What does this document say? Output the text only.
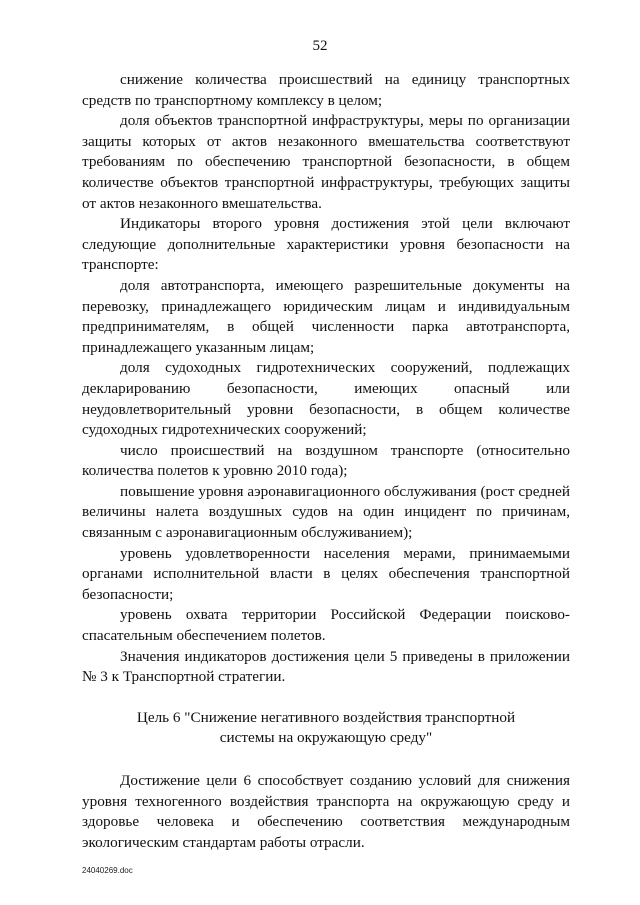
52

снижение количества происшествий на единицу транспортных средств по транспортному комплексу в целом;

доля объектов транспортной инфраструктуры, меры по организации защиты которых от актов незаконного вмешательства соответствуют требованиям по обеспечению транспортной безопасности, в общем количестве объектов транспортной инфраструктуры, требующих защиты от актов незаконного вмешательства.

Индикаторы второго уровня достижения этой цели включают следующие дополнительные характеристики уровня безопасности на транспорте:

доля автотранспорта, имеющего разрешительные документы на перевозку, принадлежащего юридическим лицам и индивидуальным предпринимателям, в общей численности парка автотранспорта, принадлежащего указанным лицам;

доля судоходных гидротехнических сооружений, подлежащих декларированию безопасности, имеющих опасный или неудовлетворительный уровни безопасности, в общем количестве судоходных гидротехнических сооружений;

число происшествий на воздушном транспорте (относительно количества полетов к уровню 2010 года);

повышение уровня аэронавигационного обслуживания (рост средней величины налета воздушных судов на один инцидент по причинам, связанным с аэронавигационным обслуживанием);

уровень удовлетворенности населения мерами, принимаемыми органами исполнительной власти в целях обеспечения транспортной безопасности;

уровень охвата территории Российской Федерации поисково-спасательным обеспечением полетов.

Значения индикаторов достижения цели 5 приведены в приложении № 3 к Транспортной стратегии.

Цель 6 "Снижение негативного воздействия транспортной

системы на окружающую среду"

Достижение цели 6 способствует созданию условий для снижения уровня техногенного воздействия транспорта на окружающую среду и здоровье человека и обеспечению соответствия международным экологическим стандартам работы отрасли.

24040269.doc
